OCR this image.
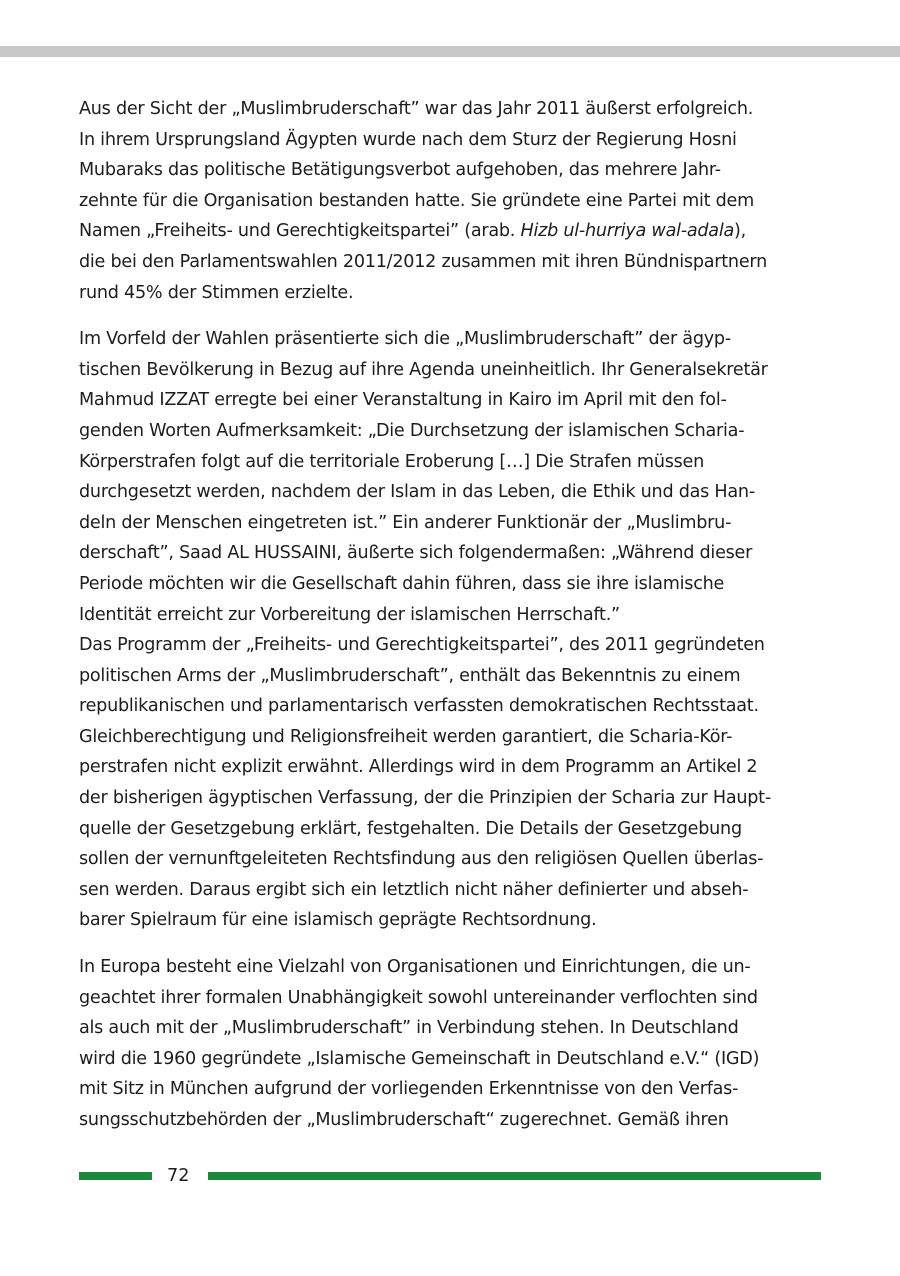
Aus der Sicht der „Muslimbruderschaft” war das Jahr 2011 äußerst erfolgreich.
In ihrem Ursprungsland Ägypten wurde nach dem Sturz der Regierung Hosni
Mubaraks das politische Betätigungsverbot aufgehoben, das mehrere Jahr-
zehnte für die Organisation bestanden hatte. Sie gründete eine Partei mit dem
Namen „Freiheits- und Gerechtigkeitspartei” (arab. Hizb ul-hurriya wal-adala),
die bei den Parlamentswahlen 2011/2012 zusammen mit ihren Bündnispartnern
rund 45% der Stimmen erzielte.

Im Vorfeld der Wahlen präsentierte sich die „Muslimbruderschaft” der ägyp-
tischen Bevölkerung in Bezug auf ihre Agenda uneinheitlich. Ihr Generalsekretär
Mahmud IZZAT erregte bei einer Veranstaltung in Kairo im April mit den fol-
genden Worten Aufmerksamkeit: „Die Durchsetzung der islamischen Scharia-
Körperstrafen folgt auf die territoriale Eroberung […] Die Strafen müssen
durchgesetzt werden, nachdem der Islam in das Leben, die Ethik und das Han-
deln der Menschen eingetreten ist.” Ein anderer Funktionär der „Muslimbru-
derschaft”, Saad AL HUSSAINI, äußerte sich folgendermaßen: „Während dieser
Periode möchten wir die Gesellschaft dahin führen, dass sie ihre islamische
Identität erreicht zur Vorbereitung der islamischen Herrschaft.”
Das Programm der „Freiheits- und Gerechtigkeitspartei”, des 2011 gegründeten
politischen Arms der „Muslimbruderschaft”, enthält das Bekenntnis zu einem
republikanischen und parlamentarisch verfassten demokratischen Rechtsstaat.
Gleichberechtigung und Religionsfreiheit werden garantiert, die Scharia-Kör-
perstrafen nicht explizit erwähnt. Allerdings wird in dem Programm an Artikel 2
der bisherigen ägyptischen Verfassung, der die Prinzipien der Scharia zur Haupt-
quelle der Gesetzgebung erklärt, festgehalten. Die Details der Gesetzgebung
sollen der vernunftgeleiteten Rechtsfindung aus den religiösen Quellen überlas-
sen werden. Daraus ergibt sich ein letztlich nicht näher definierter und abseh-
barer Spielraum für eine islamisch geprägte Rechtsordnung.

In Europa besteht eine Vielzahl von Organisationen und Einrichtungen, die un-
geachtet ihrer formalen Unabhängigkeit sowohl untereinander verflochten sind
als auch mit der „Muslimbruderschaft” in Verbindung stehen. In Deutschland
wird die 1960 gegründete „Islamische Gemeinschaft in Deutschland e.V.“ (IGD)
mit Sitz in München aufgrund der vorliegenden Erkenntnisse von den Verfas-
sungsschutzbehörden der „Muslimbruderschaft“ zugerechnet. Gemäß ihren

72
